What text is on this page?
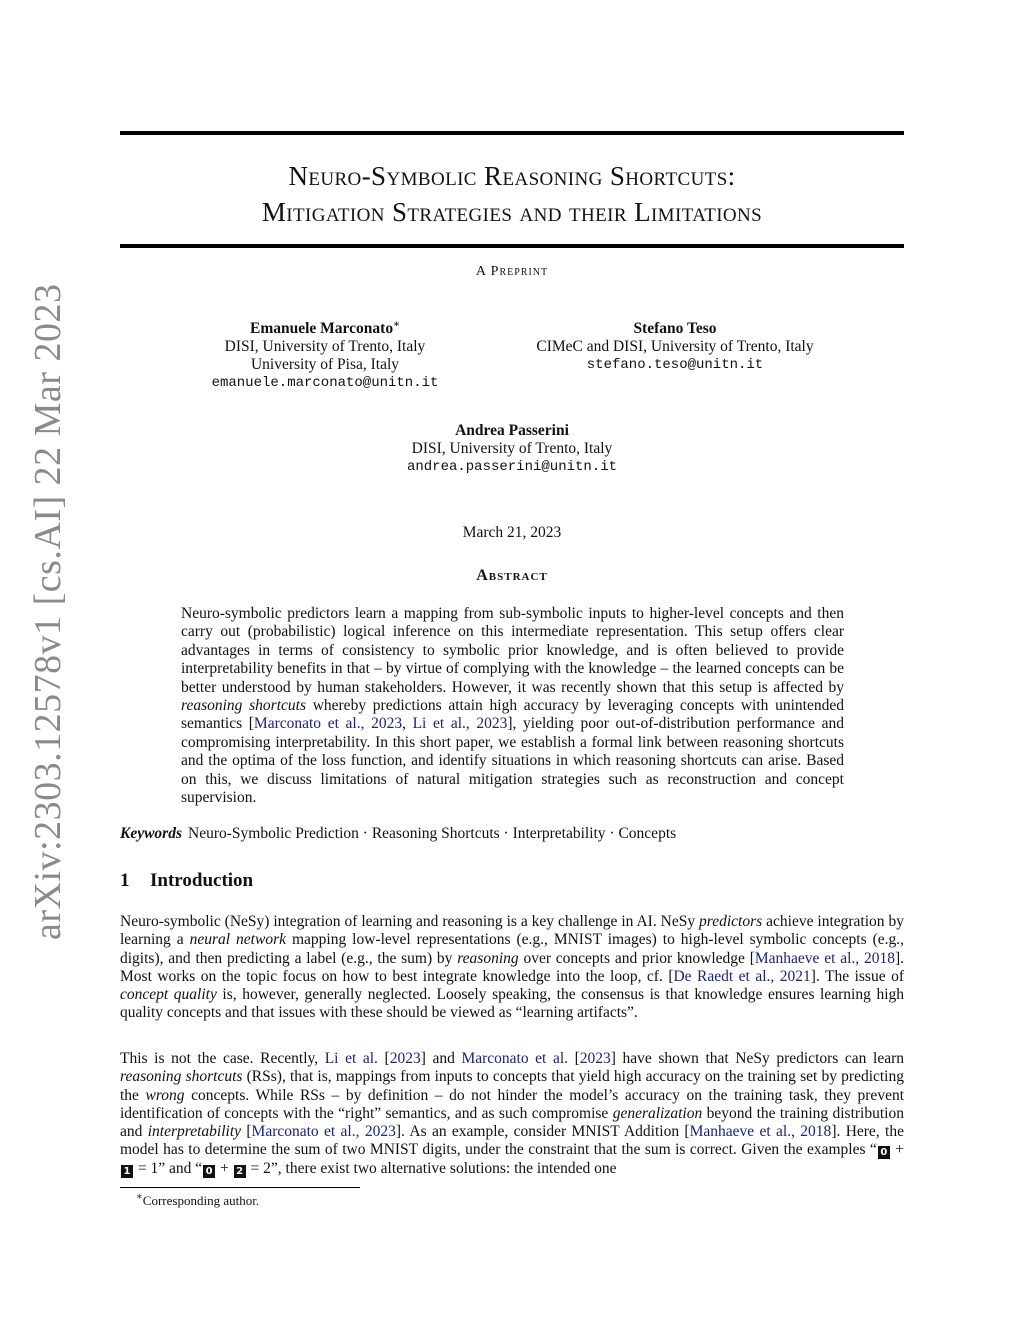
arXiv:2303.12578v1 [cs.AI] 22 Mar 2023
Neuro-Symbolic Reasoning Shortcuts:
Mitigation Strategies and their Limitations
A Preprint
Emanuele Marconato∗
DISI, University of Trento, Italy
University of Pisa, Italy
emanuele.marconato@unitn.it
Stefano Teso
CIMeC and DISI, University of Trento, Italy
stefano.teso@unitn.it
Andrea Passerini
DISI, University of Trento, Italy
andrea.passerini@unitn.it
March 21, 2023
Abstract
Neuro-symbolic predictors learn a mapping from sub-symbolic inputs to higher-level concepts and then carry out (probabilistic) logical inference on this intermediate representation. This setup offers clear advantages in terms of consistency to symbolic prior knowledge, and is often believed to provide interpretability benefits in that – by virtue of complying with the knowledge – the learned concepts can be better understood by human stakeholders. However, it was recently shown that this setup is affected by reasoning shortcuts whereby predictions attain high accuracy by leveraging concepts with unintended semantics [Marconato et al., 2023, Li et al., 2023], yielding poor out-of-distribution performance and compromising interpretability. In this short paper, we establish a formal link between reasoning shortcuts and the optima of the loss function, and identify situations in which reasoning shortcuts can arise. Based on this, we discuss limitations of natural mitigation strategies such as reconstruction and concept supervision.
Keywords Neuro-Symbolic Prediction · Reasoning Shortcuts · Interpretability · Concepts
1 Introduction
Neuro-symbolic (NeSy) integration of learning and reasoning is a key challenge in AI. NeSy predictors achieve integration by learning a neural network mapping low-level representations (e.g., MNIST images) to high-level symbolic concepts (e.g., digits), and then predicting a label (e.g., the sum) by reasoning over concepts and prior knowledge [Manhaeve et al., 2018]. Most works on the topic focus on how to best integrate knowledge into the loop, cf. [De Raedt et al., 2021]. The issue of concept quality is, however, generally neglected. Loosely speaking, the consensus is that knowledge ensures learning high quality concepts and that issues with these should be viewed as “learning artifacts”.
This is not the case. Recently, Li et al. [2023] and Marconato et al. [2023] have shown that NeSy predictors can learn reasoning shortcuts (RSs), that is, mappings from inputs to concepts that yield high accuracy on the training set by predicting the wrong concepts. While RSs – by definition – do not hinder the model’s accuracy on the training task, they prevent identification of concepts with the “right” semantics, and as such compromise generalization beyond the training distribution and interpretability [Marconato et al., 2023]. As an example, consider MNIST Addition [Manhaeve et al., 2018]. Here, the model has to determine the sum of two MNIST digits, under the constraint that the sum is correct. Given the examples “ 0 + 1 = 1” and “ 0 + 2 = 2”, there exist two alternative solutions: the intended one
∗Corresponding author.
